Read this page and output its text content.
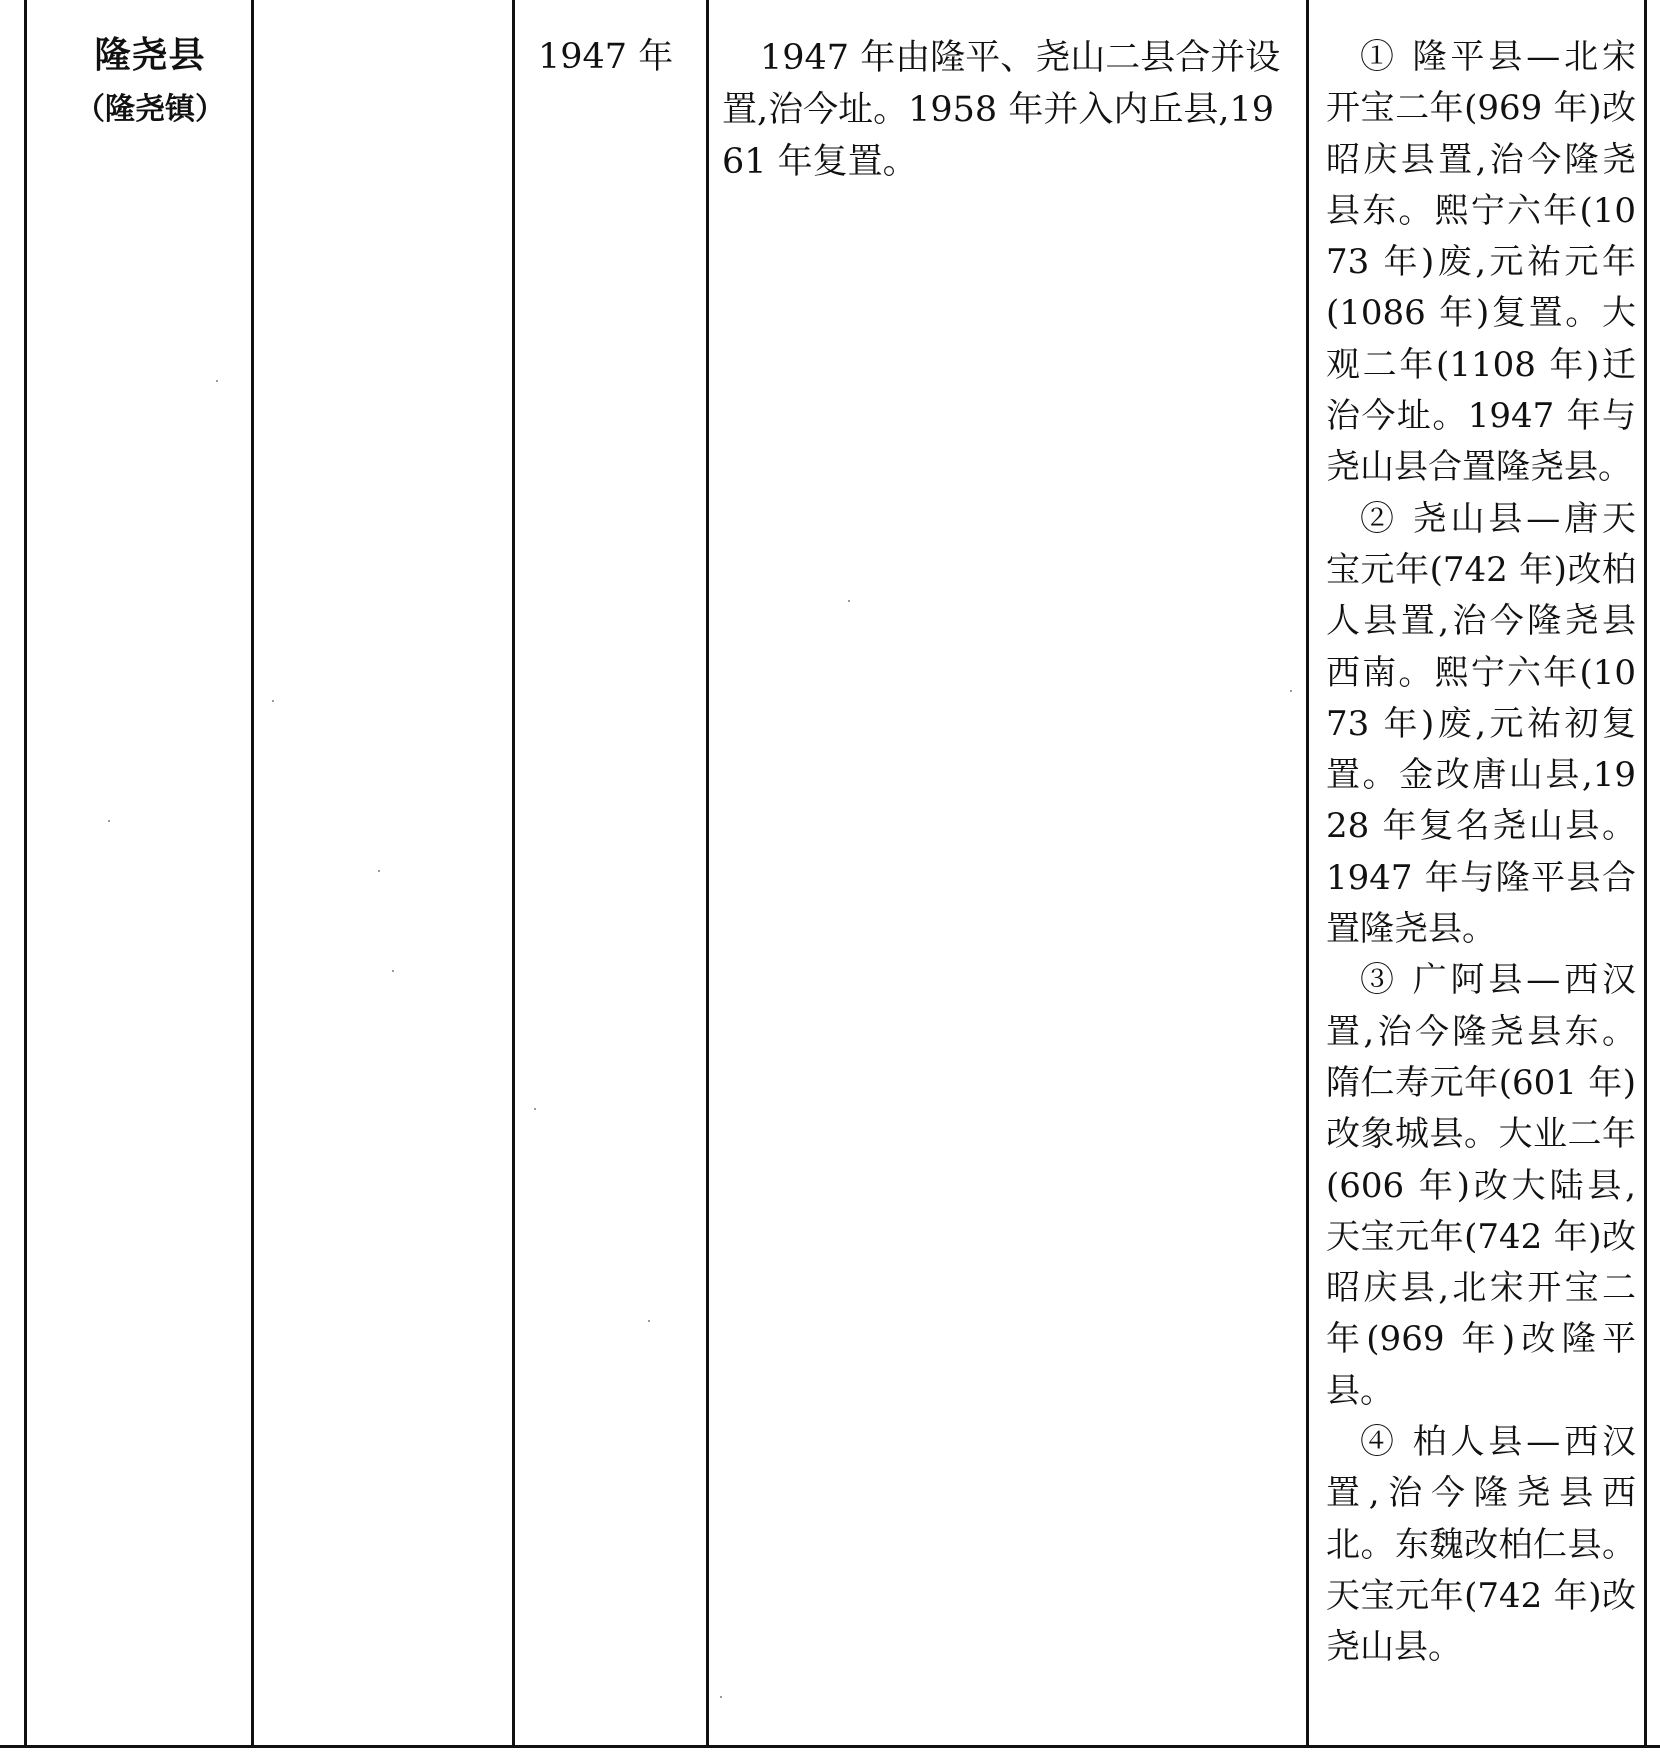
隆尧县
（隆尧镇）
1947 年	1947 年由隆平、尧山二县合并设置,治今址。1958 年并入内丘县,1961 年复置。

① 隆平县—北宋开宝二年(969 年)改昭庆县置,治今隆尧县东。熙宁六年(1073 年)废,元祐元年(1086 年)复置。大观二年(1108 年)迁治今址。1947 年与尧山县合置隆尧县。

② 尧山县—唐天宝元年(742 年)改柏人县置,治今隆尧县西南。熙宁六年(1073 年)废,元祐初复置。金改唐山县,1928 年复名尧山县。1947 年与隆平县合置隆尧县。

③ 广阿县—西汉置,治今隆尧县东。隋仁寿元年(601 年)改象城县。大业二年(606 年)改大陆县,天宝元年(742 年)改昭庆县,北宋开宝二年(969 年)改隆平县。

④ 柏人县—西汉置,治今隆尧县西北。东魏改柏仁县。天宝元年(742 年)改尧山县。
